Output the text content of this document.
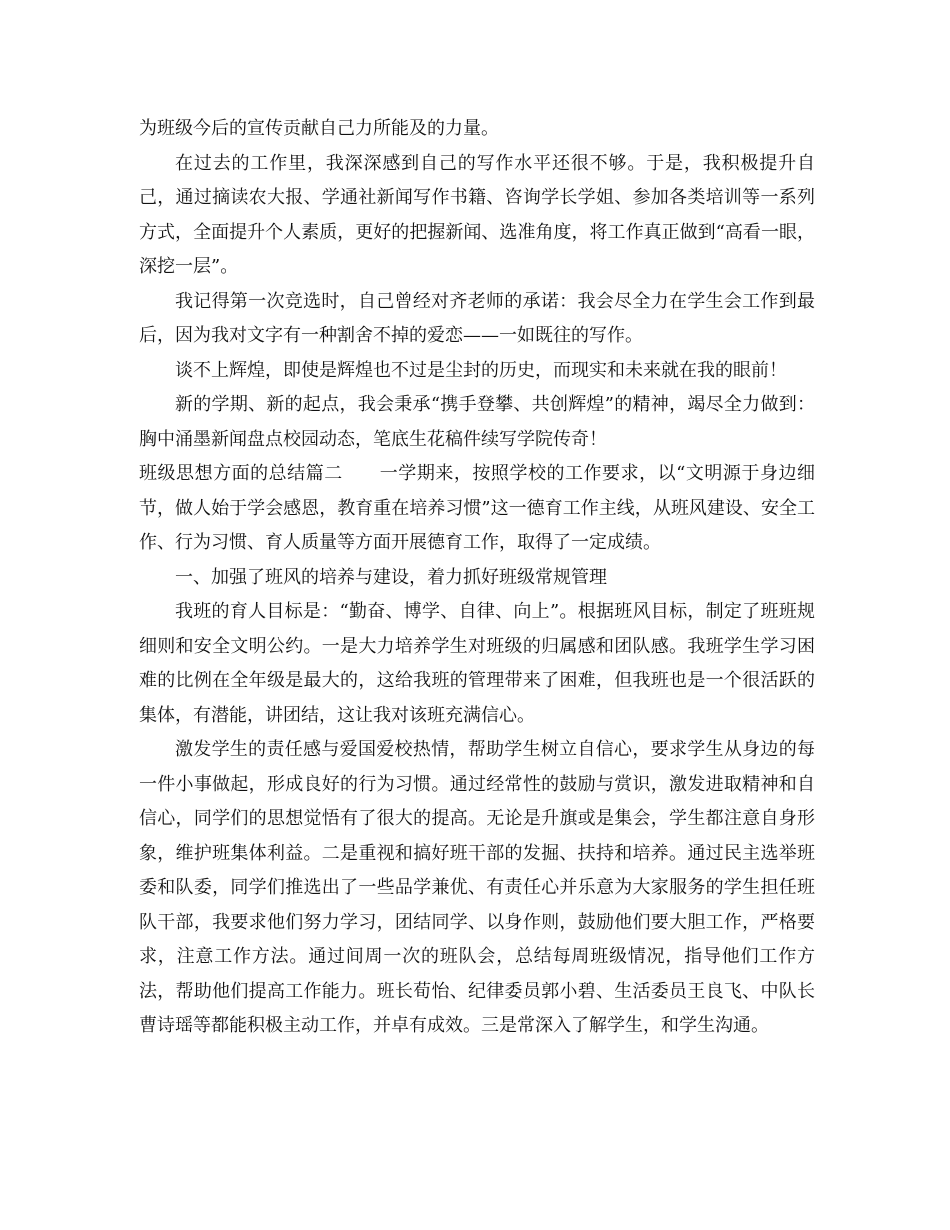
为班级今后的宣传贡献自己力所能及的力量。

在过去的工作里，我深深感到自己的写作水平还很不够。于是，我积极提升自己，通过摘读农大报、学通社新闻写作书籍、咨询学长学姐、参加各类培训等一系列方式，全面提升个人素质，更好的把握新闻、选准角度，将工作真正做到“高看一眼，深挖一层”。

我记得第一次竞选时，自己曾经对齐老师的承诺：我会尽全力在学生会工作到最后，因为我对文字有一种割舍不掉的爱恋——一如既往的写作。

谈不上辉煌，即使是辉煌也不过是尘封的历史，而现实和未来就在我的眼前！

新的学期、新的起点，我会秉承“携手登攀、共创辉煌”的精神，竭尽全力做到：胸中涌墨新闻盘点校园动态，笔底生花稿件续写学院传奇！

班级思想方面的总结篇二　　一学期来，按照学校的工作要求，以“文明源于身边细节，做人始于学会感恩，教育重在培养习惯”这一德育工作主线，从班风建设、安全工作、行为习惯、育人质量等方面开展德育工作，取得了一定成绩。

一、加强了班风的培养与建设，着力抓好班级常规管理

我班的育人目标是：“勤奋、博学、自律、向上”。根据班风目标，制定了班班规细则和安全文明公约。一是大力培养学生对班级的归属感和团队感。我班学生学习困难的比例在全年级是最大的，这给我班的管理带来了困难，但我班也是一个很活跃的集体，有潜能，讲团结，这让我对该班充满信心。

激发学生的责任感与爱国爱校热情，帮助学生树立自信心，要求学生从身边的每一件小事做起，形成良好的行为习惯。通过经常性的鼓励与赏识，激发进取精神和自信心，同学们的思想觉悟有了很大的提高。无论是升旗或是集会，学生都注意自身形象，维护班集体利益。二是重视和搞好班干部的发掘、扶持和培养。通过民主选举班委和队委，同学们推选出了一些品学兼优、有责任心并乐意为大家服务的学生担任班队干部，我要求他们努力学习，团结同学、以身作则，鼓励他们要大胆工作，严格要求，注意工作方法。通过间周一次的班队会，总结每周班级情况，指导他们工作方法，帮助他们提高工作能力。班长荀怡、纪律委员郭小碧、生活委员王良飞、中队长曹诗瑶等都能积极主动工作，并卓有成效。三是常深入了解学生，和学生沟通。
